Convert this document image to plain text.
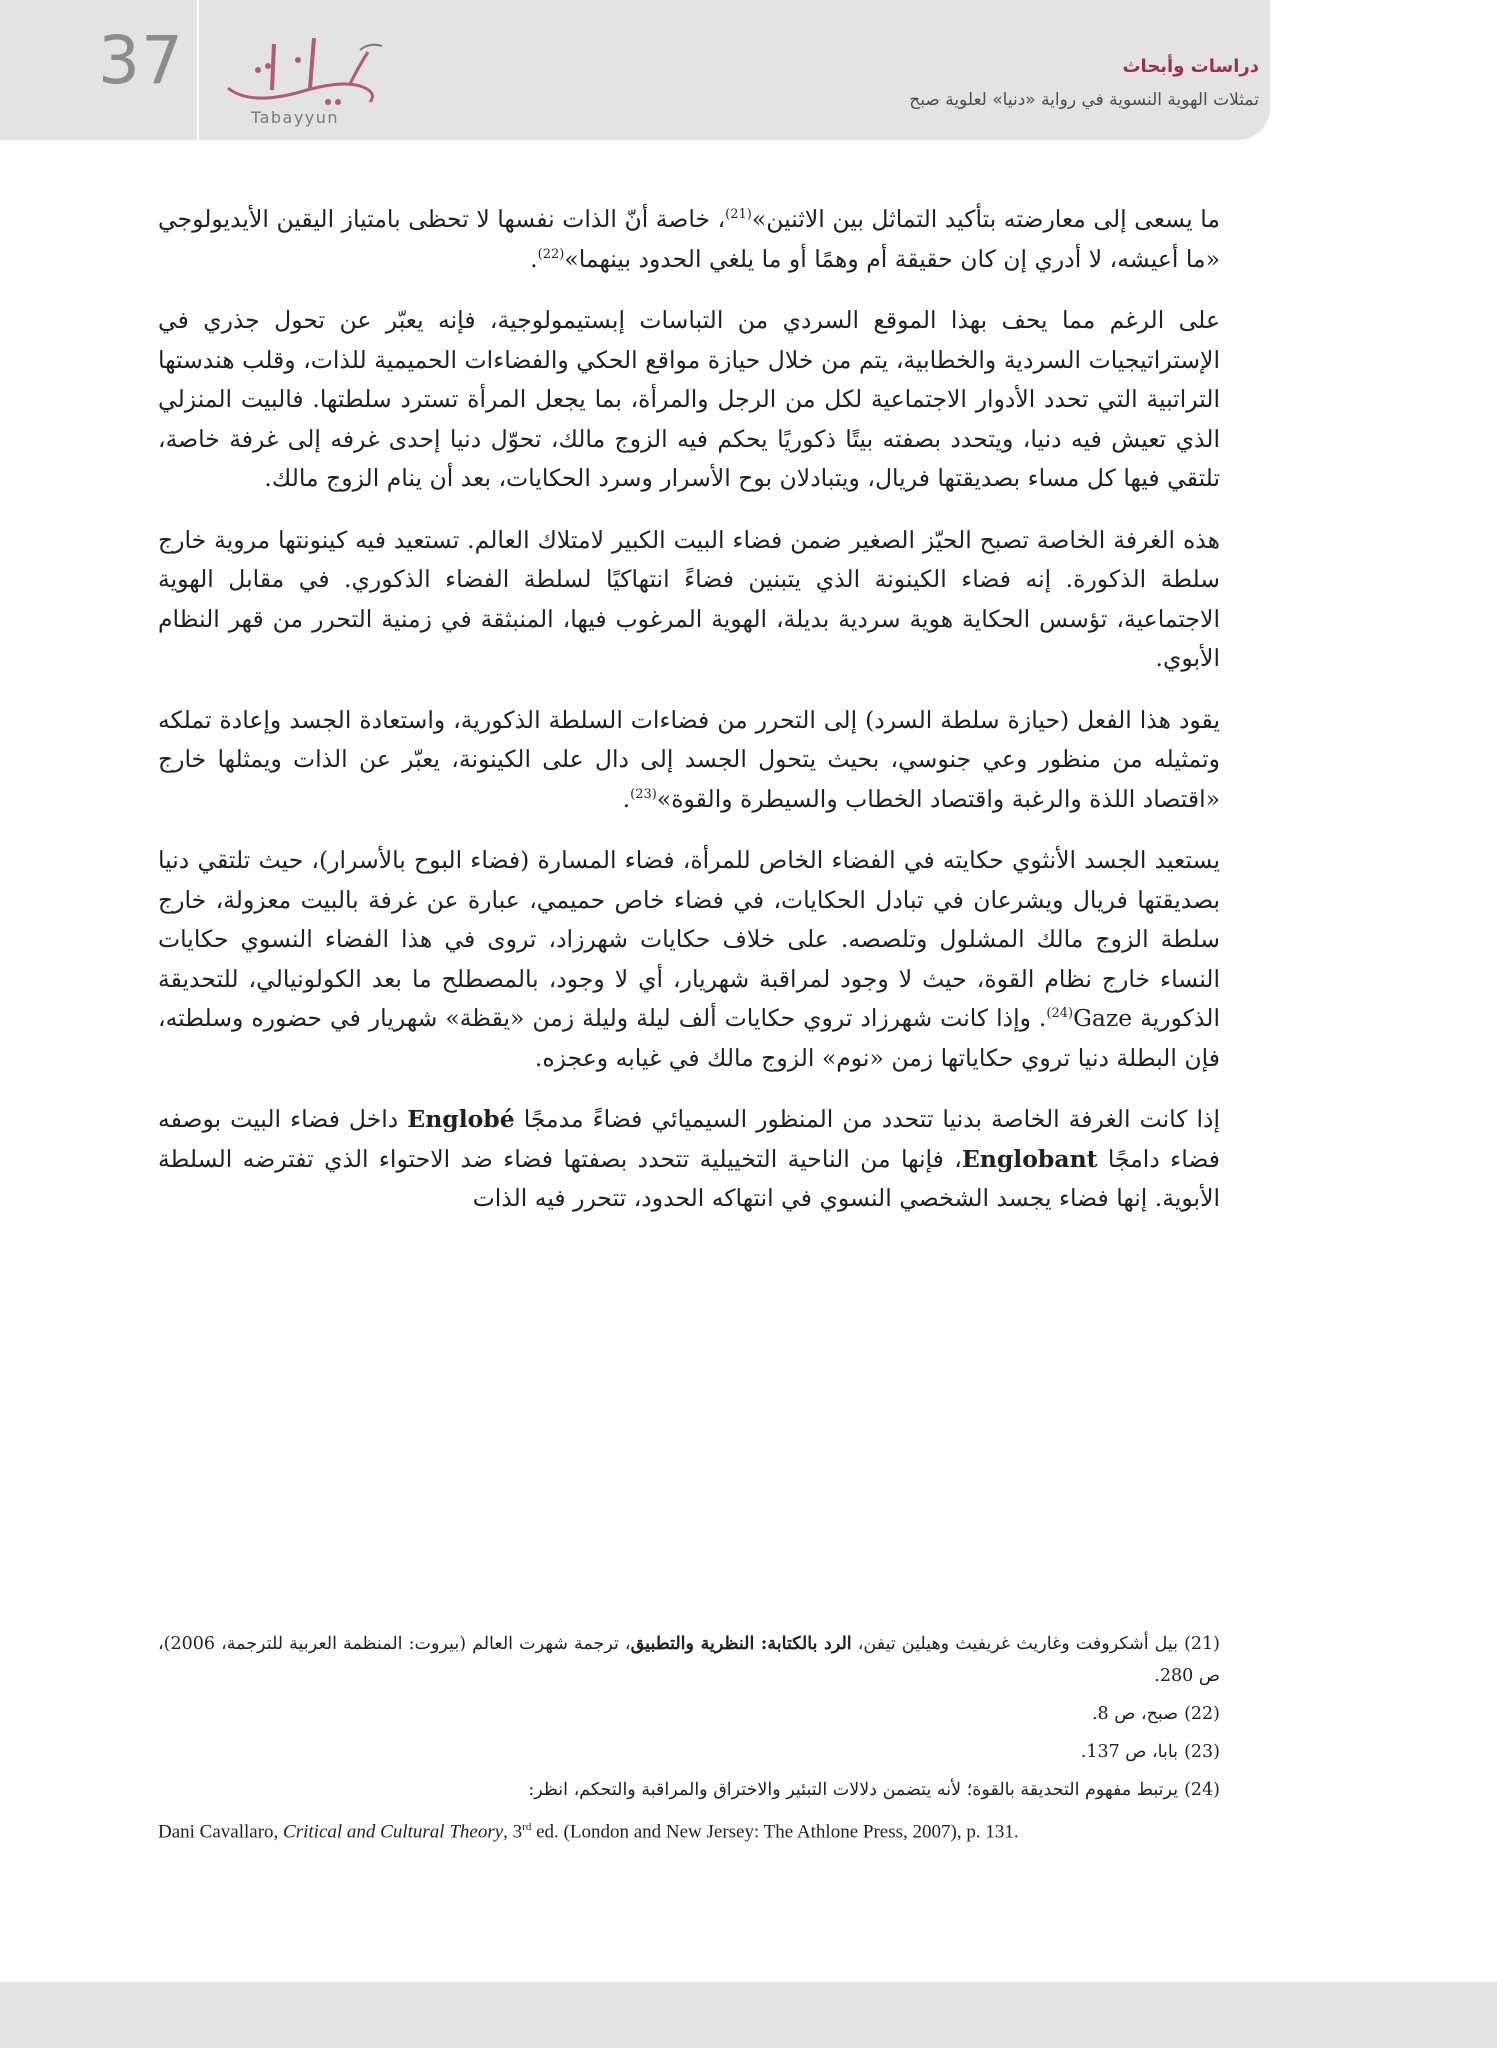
37
Tabayyun
دراسات وأبحاث
تمثلات الهوية النسوية في رواية «دنيا» لعلوية صبح

ما يسعى إلى معارضته بتأكيد التماثل بين الاثنين»$^{(21)}$، خاصة أنّ الذات نفسها لا تحظى بامتياز اليقين الأيديولوجي «ما أعيشه، لا أدري إن كان حقيقة أم وهمًا أو ما يلغي الحدود بينهما»$^{(22)}$.

على الرغم مما يحف بهذا الموقع السردي من التباسات إبستيمولوجية، فإنه يعبّر عن تحول جذري في الإستراتيجيات السردية والخطابية، يتم من خلال حيازة مواقع الحكي والفضاءات الحميمية للذات، وقلب هندستها التراتبية التي تحدد الأدوار الاجتماعية لكل من الرجل والمرأة، بما يجعل المرأة تسترد سلطتها. فالبيت المنزلي الذي تعيش فيه دنيا، ويتحدد بصفته بيتًا ذكوريًا يحكم فيه الزوج مالك، تحوّل دنيا إحدى غرفه إلى غرفة خاصة، تلتقي فيها كل مساء بصديقتها فريال، ويتبادلان بوح الأسرار وسرد الحكايات، بعد أن ينام الزوج مالك.

هذه الغرفة الخاصة تصبح الحيّز الصغير ضمن فضاء البيت الكبير لامتلاك العالم. تستعيد فيه كينونتها مروية خارج سلطة الذكورة. إنه فضاء الكينونة الذي يتبنين فضاءً انتهاكيًا لسلطة الفضاء الذكوري. في مقابل الهوية الاجتماعية، تؤسس الحكاية هوية سردية بديلة، الهوية المرغوب فيها، المنبثقة في زمنية التحرر من قهر النظام الأبوي.

يقود هذا الفعل (حيازة سلطة السرد) إلى التحرر من فضاءات السلطة الذكورية، واستعادة الجسد وإعادة تملكه وتمثيله من منظور وعي جنوسي، بحيث يتحول الجسد إلى دال على الكينونة، يعبّر عن الذات ويمثلها خارج «اقتصاد اللذة والرغبة واقتصاد الخطاب والسيطرة والقوة»$^{(23)}$.

يستعيد الجسد الأنثوي حكايته في الفضاء الخاص للمرأة، فضاء المسارة (فضاء البوح بالأسرار)، حيث تلتقي دنيا بصديقتها فريال ويشرعان في تبادل الحكايات، في فضاء خاص حميمي، عبارة عن غرفة بالبيت معزولة، خارج سلطة الزوج مالك المشلول وتلصصه. على خلاف حكايات شهرزاد، تروى في هذا الفضاء النسوي حكايات النساء خارج نظام القوة، حيث لا وجود لمراقبة شهريار، أي لا وجود، بالمصطلح ما بعد الكولونيالي، للتحديقة الذكورية Gaze$^{(24)}$. وإذا كانت شهرزاد تروي حكايات ألف ليلة وليلة زمن «يقظة» شهريار في حضوره وسلطته، فإن البطلة دنيا تروي حكاياتها زمن «نوم» الزوج مالك في غيابه وعجزه.

إذا كانت الغرفة الخاصة بدنيا تتحدد من المنظور السيميائي فضاءً مدمجًا Englobé داخل فضاء البيت بوصفه فضاء دامجًا Englobant، فإنها من الناحية التخييلية تتحدد بصفتها فضاء ضد الاحتواء الذي تفترضه السلطة الأبوية. إنها فضاء يجسد الشخصي النسوي في انتهاكه الحدود، تتحرر فيه الذات

(21)بيل أشكروفت وغاريث غريفيث وهيلين تيفن، الرد بالكتابة: النظرية والتطبيق، ترجمة شهرت العالم (بيروت: المنظمة العربية للترجمة، 2006)، ص 280.
(22)صبح، ص 8.
(23)بابا، ص 137.
(24)يرتبط مفهوم التحديقة بالقوة؛ لأنه يتضمن دلالات التبئير والاختراق والمراقبة والتحكم، انظر:
Dani Cavallaro, Critical and Cultural Theory, 3rd ed. (London and New Jersey: The Athlone Press, 2007), p. 131.
